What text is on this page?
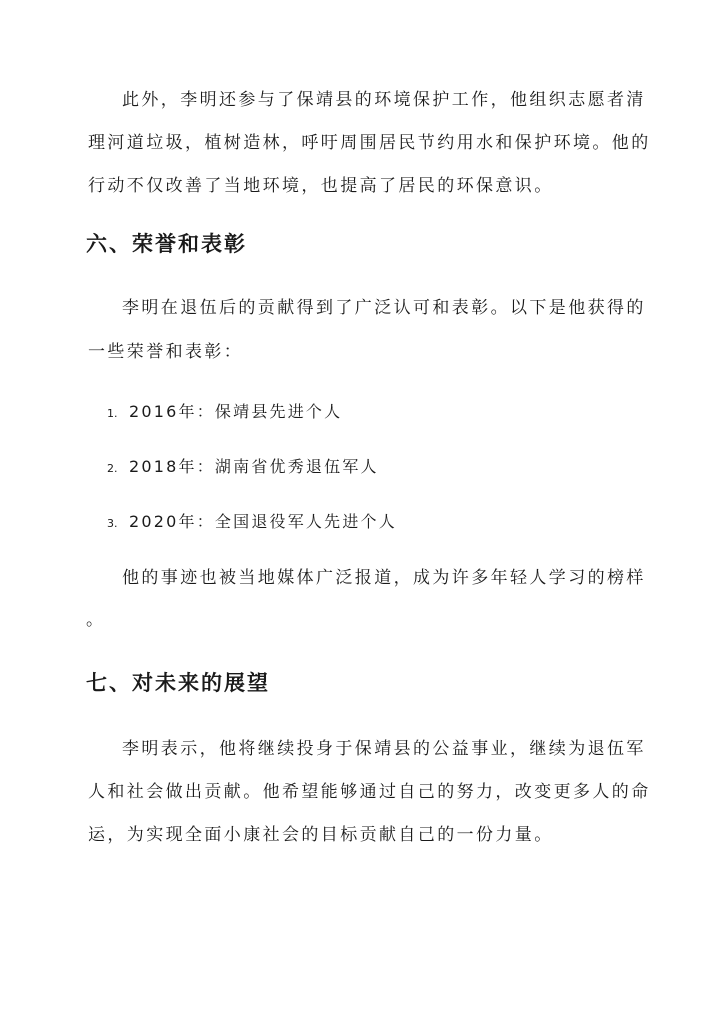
此外，李明还参与了保靖县的环境保护工作，他组织志愿者清
理河道垃圾，植树造林，呼吁周围居民节约用水和保护环境。他的
行动不仅改善了当地环境，也提高了居民的环保意识。
六、荣誉和表彰
李明在退伍后的贡献得到了广泛认可和表彰。以下是他获得的
一些荣誉和表彰：
1. 2016年：保靖县先进个人
2. 2018年：湖南省优秀退伍军人
3. 2020年：全国退役军人先进个人
他的事迹也被当地媒体广泛报道，成为许多年轻人学习的榜样
。
七、对未来的展望
李明表示，他将继续投身于保靖县的公益事业，继续为退伍军
人和社会做出贡献。他希望能够通过自己的努力，改变更多人的命
运，为实现全面小康社会的目标贡献自己的一份力量。
